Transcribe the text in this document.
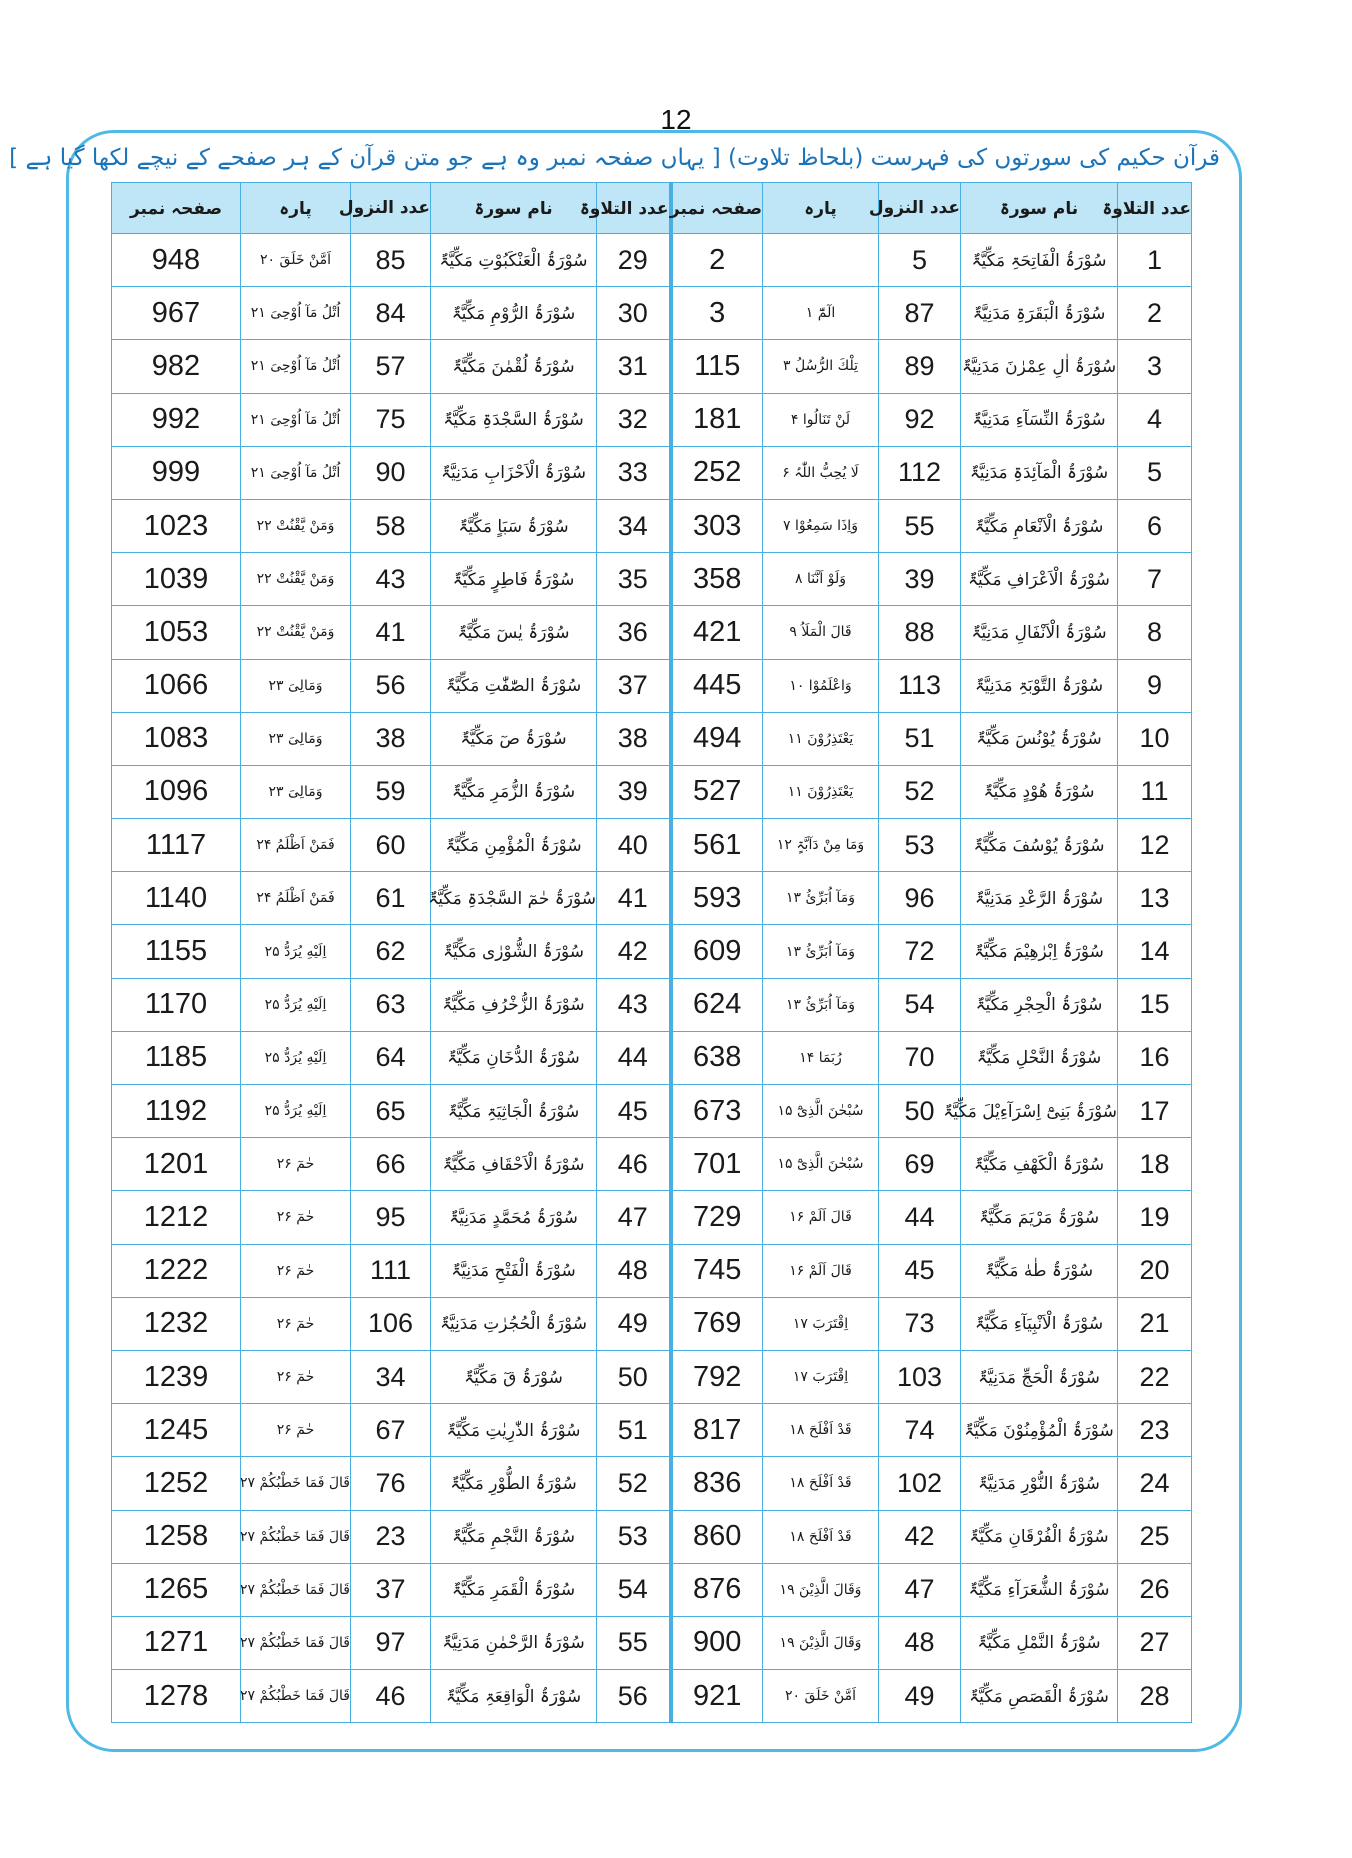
12
قرآن حکیم کی سورتوں کی فہرست (بلحاظ تلاوت) [ یہاں صفحہ نمبر وہ ہے جو متن قرآن کے ہر صفحے کے نیچے لکھا گیا ہے ]
عدد التلاوۃ	نام سورۃ	عدد النزول	پارہ	صفحہ نمبر	عدد التلاوۃ	نام سورۃ	عدد النزول	پارہ	صفحہ نمبر
1	سُوْرَۃُ الْفَاتِحَۃِ مَکِّیَّۃٌ	5		2	29	سُوْرَۃُ الْعَنْکَبُوْتِ مَکِّیَّۃٌ	85	اَمَّنْ خَلَقَ ۲۰	948
2	سُوْرَۃُ الْبَقَرَۃِ مَدَنِیَّۃٌ	87	الٓمّٓ ۱	3	30	سُوْرَۃُ الرُّوْمِ مَکِّیَّۃٌ	84	اُتْلُ مَآ اُوْحِیَ ۲۱	967
3	سُوْرَۃُ اٰلِ عِمْرٰنَ مَدَنِیَّۃٌ	89	تِلْكَ الرُّسُلُ ۳	115	31	سُوْرَۃُ لُقْمٰنَ مَکِّیَّۃٌ	57	اُتْلُ مَآ اُوْحِیَ ۲۱	982
4	سُوْرَۃُ النِّسَآءِ مَدَنِیَّۃٌ	92	لَنْ تَنَالُوا ۴	181	32	سُوْرَۃُ السَّجْدَۃِ مَکِّیَّۃٌ	75	اُتْلُ مَآ اُوْحِیَ ۲۱	992
5	سُوْرَۃُ الْمَآئِدَۃِ مَدَنِیَّۃٌ	112	لَا یُحِبُّ اللّٰہُ ۶	252	33	سُوْرَۃُ الْاَحْزَابِ مَدَنِیَّۃٌ	90	اُتْلُ مَآ اُوْحِیَ ۲۱	999
6	سُوْرَۃُ الْاَنْعَامِ مَکِّیَّۃٌ	55	وَاِذَا سَمِعُوْا ۷	303	34	سُوْرَۃُ سَبَاٍ مَکِّیَّۃٌ	58	وَمَنْ یَّقْنُتْ ۲۲	1023
7	سُوْرَۃُ الْاَعْرَافِ مَکِّیَّۃٌ	39	وَلَوْ اَنَّنَا ۸	358	35	سُوْرَۃُ فَاطِرٍ مَکِّیَّۃٌ	43	وَمَنْ یَّقْنُتْ ۲۲	1039
8	سُوْرَۃُ الْاَنْفَالِ مَدَنِیَّۃٌ	88	قَالَ الْمَلَاُ ۹	421	36	سُوْرَۃُ یٰسٓ مَکِّیَّۃٌ	41	وَمَنْ یَّقْنُتْ ۲۲	1053
9	سُوْرَۃُ التَّوْبَۃِ مَدَنِیَّۃٌ	113	وَاعْلَمُوْا ۱۰	445	37	سُوْرَۃُ الصّٰفّٰتِ مَکِّیَّۃٌ	56	وَمَالِیَ ۲۳	1066
10	سُوْرَۃُ یُوْنُسَ مَکِّیَّۃٌ	51	یَعْتَذِرُوْنَ ۱۱	494	38	سُوْرَۃُ صٓ مَکِّیَّۃٌ	38	وَمَالِیَ ۲۳	1083
11	سُوْرَۃُ ھُوْدٍ مَکِّیَّۃٌ	52	یَعْتَذِرُوْنَ ۱۱	527	39	سُوْرَۃُ الزُّمَرِ مَکِّیَّۃٌ	59	وَمَالِیَ ۲۳	1096
12	سُوْرَۃُ یُوْسُفَ مَکِّیَّۃٌ	53	وَمَا مِنْ دَآبَّۃٍ ۱۲	561	40	سُوْرَۃُ الْمُؤْمِنِ مَکِّیَّۃٌ	60	فَمَنْ اَظْلَمُ ۲۴	1117
13	سُوْرَۃُ الرَّعْدِ مَدَنِیَّۃٌ	96	وَمَآ اُبَرِّئُ ۱۳	593	41	سُوْرَۃُ حٰمٓ السَّجْدَۃِ مَکِّیَّۃٌ	61	فَمَنْ اَظْلَمُ ۲۴	1140
14	سُوْرَۃُ اِبْرٰھِیْمَ مَکِّیَّۃٌ	72	وَمَآ اُبَرِّئُ ۱۳	609	42	سُوْرَۃُ الشُّوْرٰی مَکِّیَّۃٌ	62	اِلَیْهِ یُرَدُّ ۲۵	1155
15	سُوْرَۃُ الْحِجْرِ مَکِّیَّۃٌ	54	وَمَآ اُبَرِّئُ ۱۳	624	43	سُوْرَۃُ الزُّخْرُفِ مَکِّیَّۃٌ	63	اِلَیْهِ یُرَدُّ ۲۵	1170
16	سُوْرَۃُ النَّحْلِ مَکِّیَّۃٌ	70	رُبَمَا ۱۴	638	44	سُوْرَۃُ الدُّخَانِ مَکِّیَّۃٌ	64	اِلَیْهِ یُرَدُّ ۲۵	1185
17	سُوْرَۃُ بَنِیْٓ اِسْرَآءِیْلَ مَکِّیَّۃٌ	50	سُبْحٰنَ الَّذِیْٓ ۱۵	673	45	سُوْرَۃُ الْجَاثِیَۃِ مَکِّیَّۃٌ	65	اِلَیْهِ یُرَدُّ ۲۵	1192
18	سُوْرَۃُ الْکَھْفِ مَکِّیَّۃٌ	69	سُبْحٰنَ الَّذِیْٓ ۱۵	701	46	سُوْرَۃُ الْاَحْقَافِ مَکِّیَّۃٌ	66	حٰمٓ ۲۶	1201
19	سُوْرَۃُ مَرْیَمَ مَکِّیَّۃٌ	44	قَالَ اَلَمْ ۱۶	729	47	سُوْرَۃُ مُحَمَّدٍ مَدَنِیَّۃٌ	95	حٰمٓ ۲۶	1212
20	سُوْرَۃُ طٰهٰ مَکِّیَّۃٌ	45	قَالَ اَلَمْ ۱۶	745	48	سُوْرَۃُ الْفَتْحِ مَدَنِیَّۃٌ	111	حٰمٓ ۲۶	1222
21	سُوْرَۃُ الْاَنْبِیَآءِ مَکِّیَّۃٌ	73	اِقْتَرَبَ ۱۷	769	49	سُوْرَۃُ الْحُجُرٰتِ مَدَنِیَّۃٌ	106	حٰمٓ ۲۶	1232
22	سُوْرَۃُ الْحَجِّ مَدَنِیَّۃٌ	103	اِقْتَرَبَ ۱۷	792	50	سُوْرَۃُ قٓ مَکِّیَّۃٌ	34	حٰمٓ ۲۶	1239
23	سُوْرَۃُ الْمُؤْمِنُوْنَ مَکِّیَّۃٌ	74	قَدْ اَفْلَحَ ۱۸	817	51	سُوْرَۃُ الذّٰرِیٰتِ مَکِّیَّۃٌ	67	حٰمٓ ۲۶	1245
24	سُوْرَۃُ النُّوْرِ مَدَنِیَّۃٌ	102	قَدْ اَفْلَحَ ۱۸	836	52	سُوْرَۃُ الطُّوْرِ مَکِّیَّۃٌ	76	قَالَ فَمَا خَطْبُکُمْ ۲۷	1252
25	سُوْرَۃُ الْفُرْقَانِ مَکِّیَّۃٌ	42	قَدْ اَفْلَحَ ۱۸	860	53	سُوْرَۃُ النَّجْمِ مَکِّیَّۃٌ	23	قَالَ فَمَا خَطْبُکُمْ ۲۷	1258
26	سُوْرَۃُ الشُّعَرَآءِ مَکِّیَّۃٌ	47	وَقَالَ الَّذِیْنَ ۱۹	876	54	سُوْرَۃُ الْقَمَرِ مَکِّیَّۃٌ	37	قَالَ فَمَا خَطْبُکُمْ ۲۷	1265
27	سُوْرَۃُ النَّمْلِ مَکِّیَّۃٌ	48	وَقَالَ الَّذِیْنَ ۱۹	900	55	سُوْرَۃُ الرَّحْمٰنِ مَدَنِیَّۃٌ	97	قَالَ فَمَا خَطْبُکُمْ ۲۷	1271
28	سُوْرَۃُ الْقَصَصِ مَکِّیَّۃٌ	49	اَمَّنْ خَلَقَ ۲۰	921	56	سُوْرَۃُ الْوَاقِعَۃِ مَکِّیَّۃٌ	46	قَالَ فَمَا خَطْبُکُمْ ۲۷	1278
